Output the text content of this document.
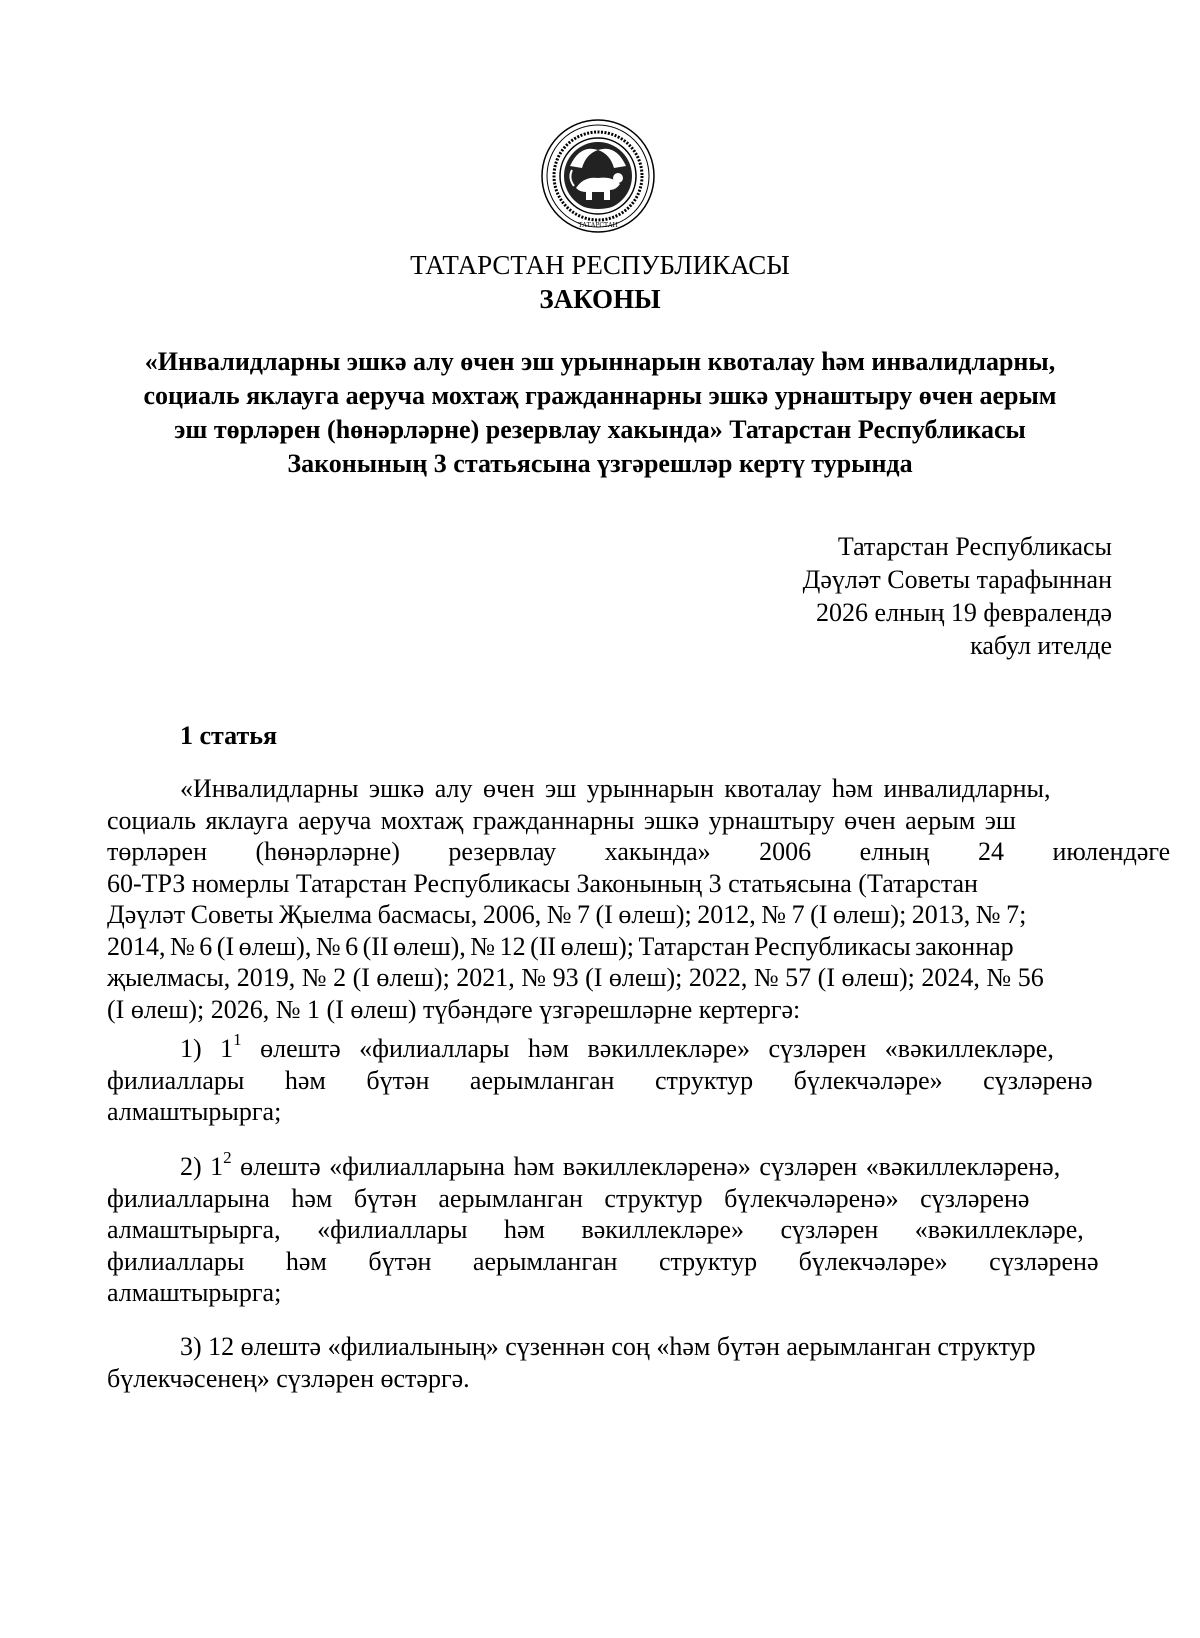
ТАТАРСТАН
ТАТАРСТАН РЕСПУБЛИКАСЫ
ЗАКОНЫ
«Инвалидларны эшкә алу өчен эш урыннарын квоталау һәм инвалидларны,
социаль яклауга аеруча мохтаҗ гражданнарны эшкә урнаштыру өчен аерым
эш төрләрен (һөнәрләрне) резервлау хакында» Татарстан Республикасы
Законының 3 статьясына үзгәрешләр кертү турында
Татарстан Республикасы
Дәүләт Советы тарафыннан
2026 елның 19 февралендә
кабул ителде
1 статья
«Инвалидларны эшкә алу өчен эш урыннарын квоталау һәм инвалидларны,
социаль яклауга аеруча мохтаҗ гражданнарны эшкә урнаштыру өчен аерым эш
төрләрен (һөнәрләрне) резервлау хакында» 2006 елның 24 июлендәге
60-ТРЗ номерлы Татарстан Республикасы Законының 3 статьясына (Татарстан
Дәүләт Советы Җыелма басмасы, 2006, № 7 (I өлеш); 2012, № 7 (I өлеш); 2013, № 7;
2014, № 6 (I өлеш), № 6 (II өлеш), № 12 (II өлеш); Татарстан Республикасы законнар
җыелмасы, 2019, № 2 (I өлеш); 2021, № 93 (I өлеш); 2022, № 57 (I өлеш); 2024, № 56
(I өлеш); 2026, № 1 (I өлеш) түбәндәге үзгәрешләрне кертергә:
1) $1^1$ өлештә «филиаллары һәм вәкиллекләре» сүзләрен «вәкиллекләре,
филиаллары һәм бүтән аерымланган структур бүлекчәләре» сүзләренә
алмаштырырга;
2) $1^2$ өлештә «филиалларына һәм вәкиллекләренә» сүзләрен «вәкиллекләренә,
филиалларына һәм бүтән аерымланган структур бүлекчәләренә» сүзләренә
алмаштырырга, «филиаллары һәм вәкиллекләре» сүзләрен «вәкиллекләре,
филиаллары һәм бүтән аерымланган структур бүлекчәләре» сүзләренә
алмаштырырга;
3) 12 өлештә «филиалының» сүзеннән соң «һәм бүтән аерымланган структур
бүлекчәсенең» сүзләрен өстәргә.
